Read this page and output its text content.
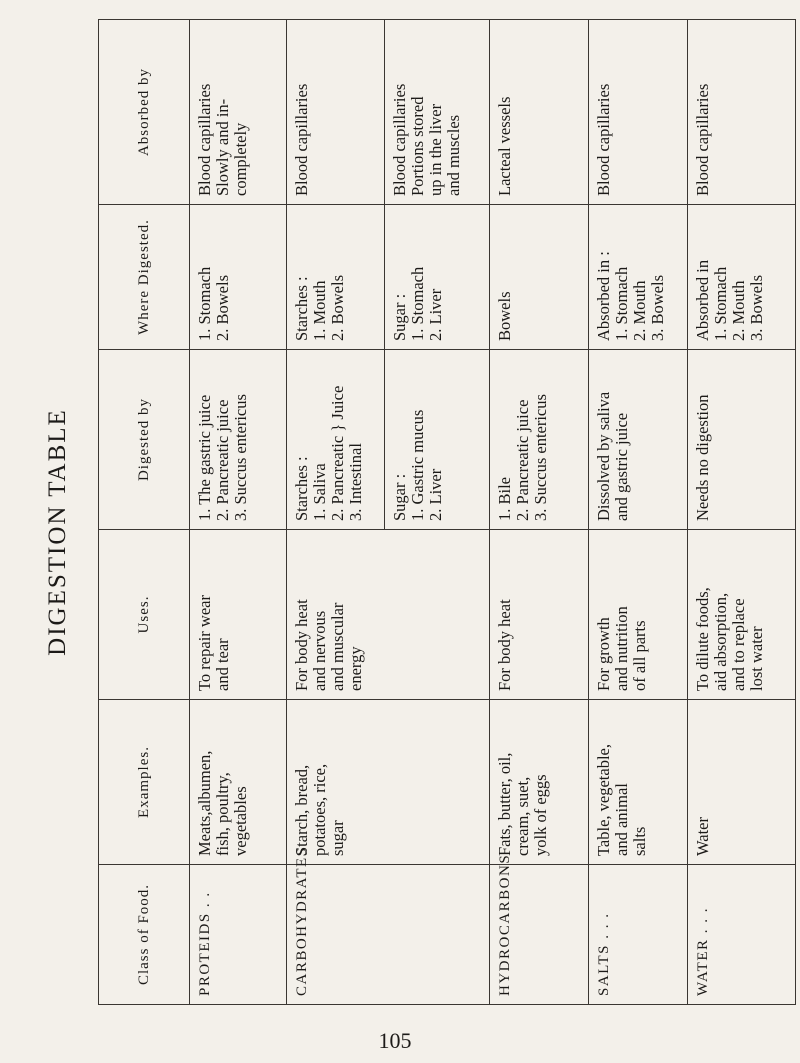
DIGESTION TABLE
Class of Food.	Examples.	Uses.	Digested by	Where Digested.	Absorbed by
PROTEIDS . .	Meats,albumen, fish, poultry, vegetables	To repair wear and tear	1. The gastric juice 2. Pancreatic juice 3. Succus entericus	1. Stomach 2. Bowels	Blood capillaries Slowly and in- completely

CARBOHYDRATES	Starch, bread, potatoes, rice, sugar	For body heat and nervous and muscular energy	Starches : 1. Saliva 2. Pancreatic } Juice 3. Intestinal	Starches : 1. Mouth 2. Bowels	Blood capillaries

			Sugar : 1. Gastric mucus 2. Liver	Sugar : 1. Stomach 2. Liver	Blood capillaries Portions stored up in the liver and muscles

HYDROCARBONS	Fats, butter, oil, cream, suet, yolk of eggs	For body heat	1. Bile 2. Pancreatic juice 3. Succus entericus	Bowels	Lacteal vessels

SALTS . . .	Table, vegetable, and animal salts	For growth and nutrition of all parts	Dissolved by saliva and gastric juice	Absorbed in : 1. Stomach 2. Mouth 3. Bowels	Blood capillaries

WATER . . .	Water	To dilute foods, aid absorption, and to replace lost water	Needs no digestion	Absorbed in 1. Stomach 2. Mouth 3. Bowels	Blood capillaries
105
